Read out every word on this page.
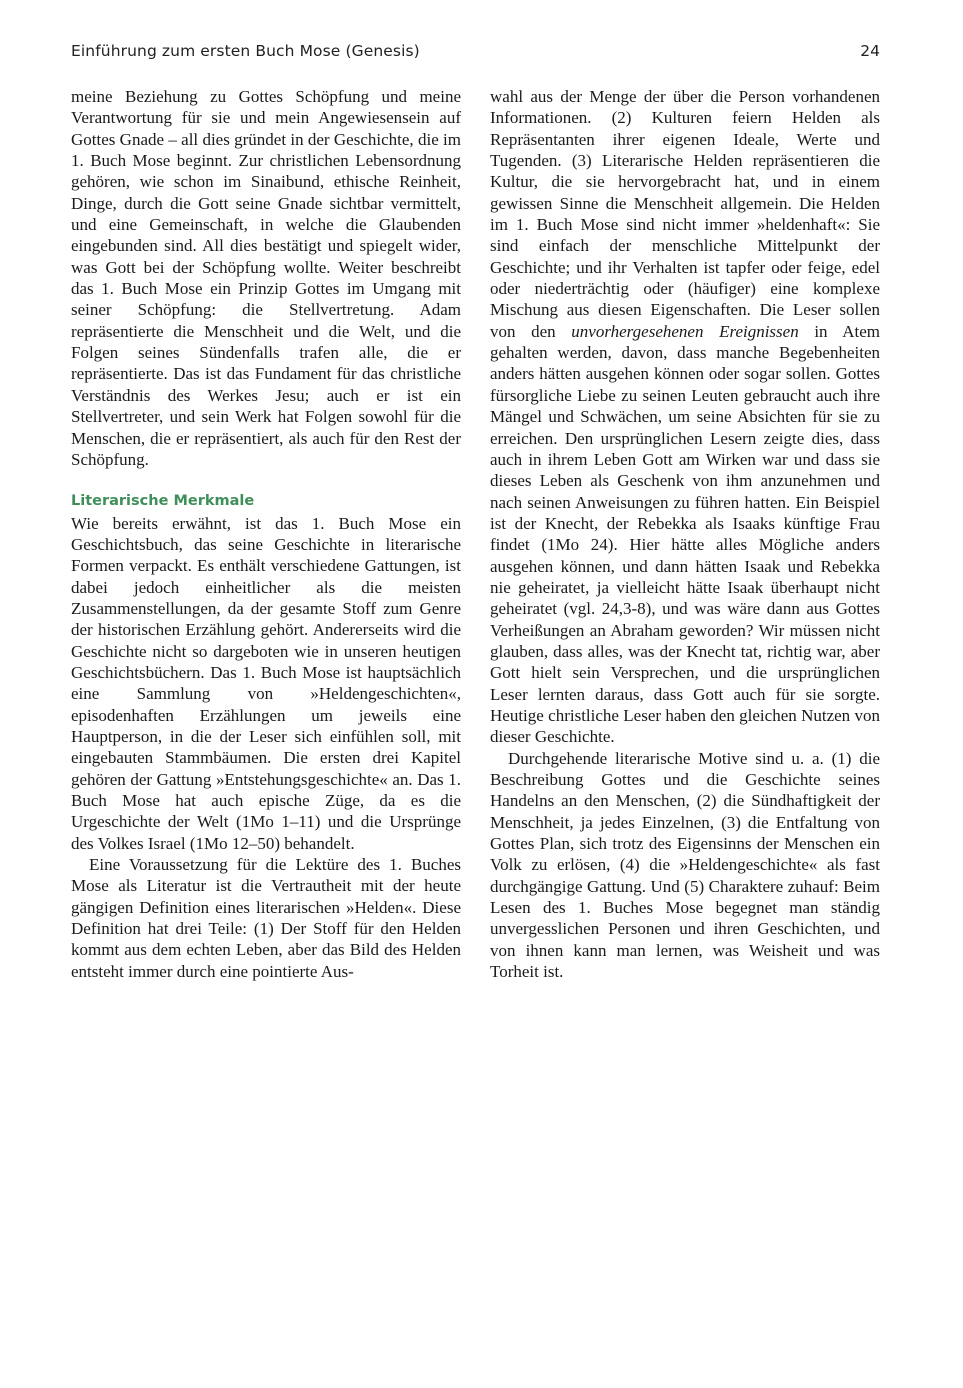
Einführung zum ersten Buch Mose (Genesis)	24

meine Beziehung zu Gottes Schöpfung und meine Verantwortung für sie und mein Angewiesensein auf Gottes Gnade – all dies gründet in der Geschichte, die im 1. Buch Mose beginnt. Zur christlichen Lebensordnung gehören, wie schon im Sinaibund, ethische Reinheit, Dinge, durch die Gott seine Gnade sichtbar vermittelt, und eine Gemeinschaft, in welche die Glaubenden eingebunden sind. All dies bestätigt und spiegelt wider, was Gott bei der Schöpfung wollte. Weiter beschreibt das 1. Buch Mose ein Prinzip Gottes im Umgang mit seiner Schöpfung: die Stellvertretung. Adam repräsentierte die Menschheit und die Welt, und die Folgen seines Sündenfalls trafen alle, die er repräsentierte. Das ist das Fundament für das christliche Verständnis des Werkes Jesu; auch er ist ein Stellvertreter, und sein Werk hat Folgen sowohl für die Menschen, die er repräsentiert, als auch für den Rest der Schöpfung.

Literarische Merkmale

Wie bereits erwähnt, ist das 1. Buch Mose ein Geschichtsbuch, das seine Geschichte in literarische Formen verpackt. Es enthält verschiedene Gattungen, ist dabei jedoch einheitlicher als die meisten Zusammenstellungen, da der gesamte Stoff zum Genre der historischen Erzählung gehört. Andererseits wird die Geschichte nicht so dargeboten wie in unseren heutigen Geschichtsbüchern. Das 1. Buch Mose ist hauptsächlich eine Sammlung von »Heldengeschichten«, episodenhaften Erzählungen um jeweils eine Hauptperson, in die der Leser sich einfühlen soll, mit eingebauten Stammbäumen. Die ersten drei Kapitel gehören der Gattung »Entstehungsgeschichte« an. Das 1. Buch Mose hat auch epische Züge, da es die Urgeschichte der Welt (1Mo 1–11) und die Ursprünge des Volkes Israel (1Mo 12–50) behandelt.

Eine Voraussetzung für die Lektüre des 1. Buches Mose als Literatur ist die Vertrautheit mit der heute gängigen Definition eines literarischen »Helden«. Diese Definition hat drei Teile: (1) Der Stoff für den Helden kommt aus dem echten Leben, aber das Bild des Helden entsteht immer durch eine pointierte Aus-

wahl aus der Menge der über die Person vorhandenen Informationen. (2) Kulturen feiern Helden als Repräsentanten ihrer eigenen Ideale, Werte und Tugenden. (3) Literarische Helden repräsentieren die Kultur, die sie hervorgebracht hat, und in einem gewissen Sinne die Menschheit allgemein. Die Helden im 1. Buch Mose sind nicht immer »heldenhaft«: Sie sind einfach der menschliche Mittelpunkt der Geschichte; und ihr Verhalten ist tapfer oder feige, edel oder niederträchtig oder (häufiger) eine komplexe Mischung aus diesen Eigenschaften. Die Leser sollen von den unvorhergesehenen Ereignissen in Atem gehalten werden, davon, dass manche Begebenheiten anders hätten ausgehen können oder sogar sollen. Gottes fürsorgliche Liebe zu seinen Leuten gebraucht auch ihre Mängel und Schwächen, um seine Absichten für sie zu erreichen. Den ursprünglichen Lesern zeigte dies, dass auch in ihrem Leben Gott am Wirken war und dass sie dieses Leben als Geschenk von ihm anzunehmen und nach seinen Anweisungen zu führen hatten. Ein Beispiel ist der Knecht, der Rebekka als Isaaks künftige Frau findet (1Mo 24). Hier hätte alles Mögliche anders ausgehen können, und dann hätten Isaak und Rebekka nie geheiratet, ja vielleicht hätte Isaak überhaupt nicht geheiratet (vgl. 24,3-8), und was wäre dann aus Gottes Verheißungen an Abraham geworden? Wir müssen nicht glauben, dass alles, was der Knecht tat, richtig war, aber Gott hielt sein Versprechen, und die ursprünglichen Leser lernten daraus, dass Gott auch für sie sorgte. Heutige christliche Leser haben den gleichen Nutzen von dieser Geschichte.

Durchgehende literarische Motive sind u. a. (1) die Beschreibung Gottes und die Geschichte seines Handelns an den Menschen, (2) die Sündhaftigkeit der Menschheit, ja jedes Einzelnen, (3) die Entfaltung von Gottes Plan, sich trotz des Eigensinns der Menschen ein Volk zu erlösen, (4) die »Heldengeschichte« als fast durchgängige Gattung. Und (5) Charaktere zuhauf: Beim Lesen des 1. Buches Mose begegnet man ständig unvergesslichen Personen und ihren Geschichten, und von ihnen kann man lernen, was Weisheit und was Torheit ist.
